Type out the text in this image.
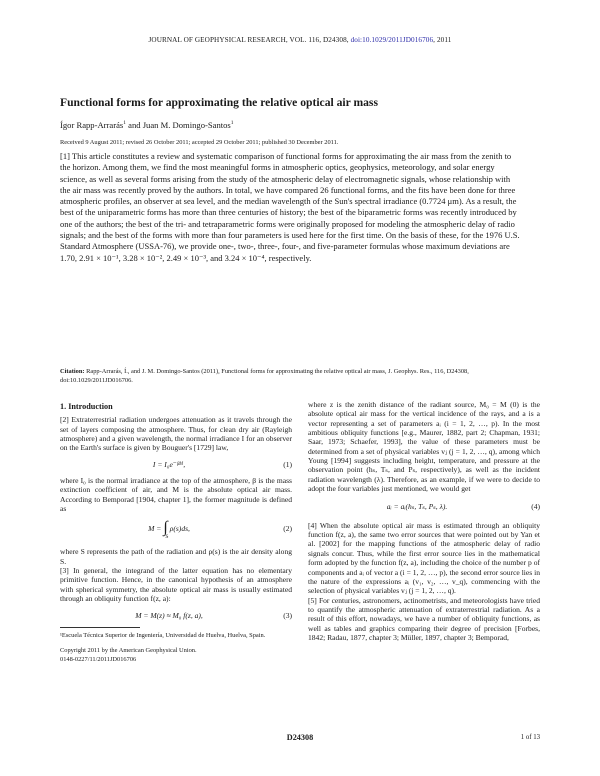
JOURNAL OF GEOPHYSICAL RESEARCH, VOL. 116, D24308, doi:10.1029/2011JD016706, 2011
Functional forms for approximating the relative optical air mass
Ígor Rapp-Arrarás$^1$ and Juan M. Domingo-Santos$^1$
Received 9 August 2011; revised 26 October 2011; accepted 29 October 2011; published 30 December 2011.
[1] This article constitutes a review and systematic comparison of functional forms for approximating the air mass from the zenith to the horizon. Among them, we find the most meaningful forms in atmospheric optics, geophysics, meteorology, and solar energy science, as well as several forms arising from the study of the atmospheric delay of electromagnetic signals, whose relationship with the air mass was recently proved by the authors. In total, we have compared 26 functional forms, and the fits have been done for three atmospheric profiles, an observer at sea level, and the median wavelength of the Sun's spectral irradiance (0.7724 μm). As a result, the best of the uniparametric forms has more than three centuries of history; the best of the biparametric forms was recently introduced by one of the authors; the best of the tri- and tetraparametric forms were originally proposed for modeling the atmospheric delay of radio signals; and the best of the forms with more than four parameters is used here for the first time. On the basis of these, for the 1976 U.S. Standard Atmosphere (USSA-76), we provide one-, two-, three-, four-, and five-parameter formulas whose maximum deviations are 1.70, 2.91 × 10⁻¹, 3.28 × 10⁻², 2.49 × 10⁻³, and 3.24 × 10⁻⁴, respectively.
Citation: Rapp-Arrarás, Í., and J. M. Domingo-Santos (2011), Functional forms for approximating the relative optical air mass, J. Geophys. Res., 116, D24308, doi:10.1029/2011JD016706.
1. Introduction
[2] Extraterrestrial radiation undergoes attenuation as it travels through the set of layers composing the atmosphere. Thus, for clean dry air (Rayleigh atmosphere) and a given wavelength, the normal irradiance I for an observer on the Earth's surface is given by Bouguer's [1729] law,
I = I₀e⁻ᵝᴹ,	(1)
where I₀ is the normal irradiance at the top of the atmosphere, β is the mass extinction coefficient of air, and M is the absolute optical air mass. According to Bemporad [1904, chapter 1], the former magnitude is defined as
M = ∫
S
ρ(s)ds,	(2)
where S represents the path of the radiation and ρ(s) is the air density along S.
[3] In general, the integrand of the latter equation has no elementary primitive function. Hence, in the canonical hypothesis of an atmosphere with spherical symmetry, the absolute optical air mass is usually estimated through an obliquity function f(z, a):
M = M(z) ≈ M₀ f(z, a),	(3)
¹Escuela Técnica Superior de Ingeniería, Universidad de Huelva, Huelva, Spain.
Copyright 2011 by the American Geophysical Union.
0148-0227/11/2011JD016706
where z is the zenith distance of the radiant source, M₀ = M (0) is the absolute optical air mass for the vertical incidence of the rays, and a is a vector representing a set of parameters aᵢ (i = 1, 2, …, p). In the most ambitious obliquity functions [e.g., Maurer, 1882, part 2; Chapman, 1931; Saar, 1973; Schaefer, 1993], the value of these parameters must be determined from a set of physical variables vⱼ (j = 1, 2, …, q), among which Young [1994] suggests including height, temperature, and pressure at the observation point (hₛ, Tₛ, and Pₛ, respectively), as well as the incident radiation wavelength (λ). Therefore, as an example, if we were to decide to adopt the four variables just mentioned, we would get
aᵢ = aᵢ(hₛ, Tₛ, Pₛ, λ).	(4)
[4] When the absolute optical air mass is estimated through an obliquity function f(z, a), the same two error sources that were pointed out by Yan et al. [2002] for the mapping functions of the atmospheric delay of radio signals concur. Thus, while the first error source lies in the mathematical form adopted by the function f(z, a), including the choice of the number p of components and aᵢ of vector a (i = 1, 2, …, p), the second error source lies in the nature of the expressions aᵢ (v₁, v₂, …, v_q), commencing with the selection of physical variables vⱼ (j = 1, 2, …, q).
[5] For centuries, astronomers, actinometrists, and meteorologists have tried to quantify the atmospheric attenuation of extraterrestrial radiation. As a result of this effort, nowadays, we have a number of obliquity functions, as well as tables and graphics comparing their degree of precision [Forbes, 1842; Radau, 1877, chapter 3; Müller, 1897, chapter 3; Bemporad,
D24308	1 of 13
